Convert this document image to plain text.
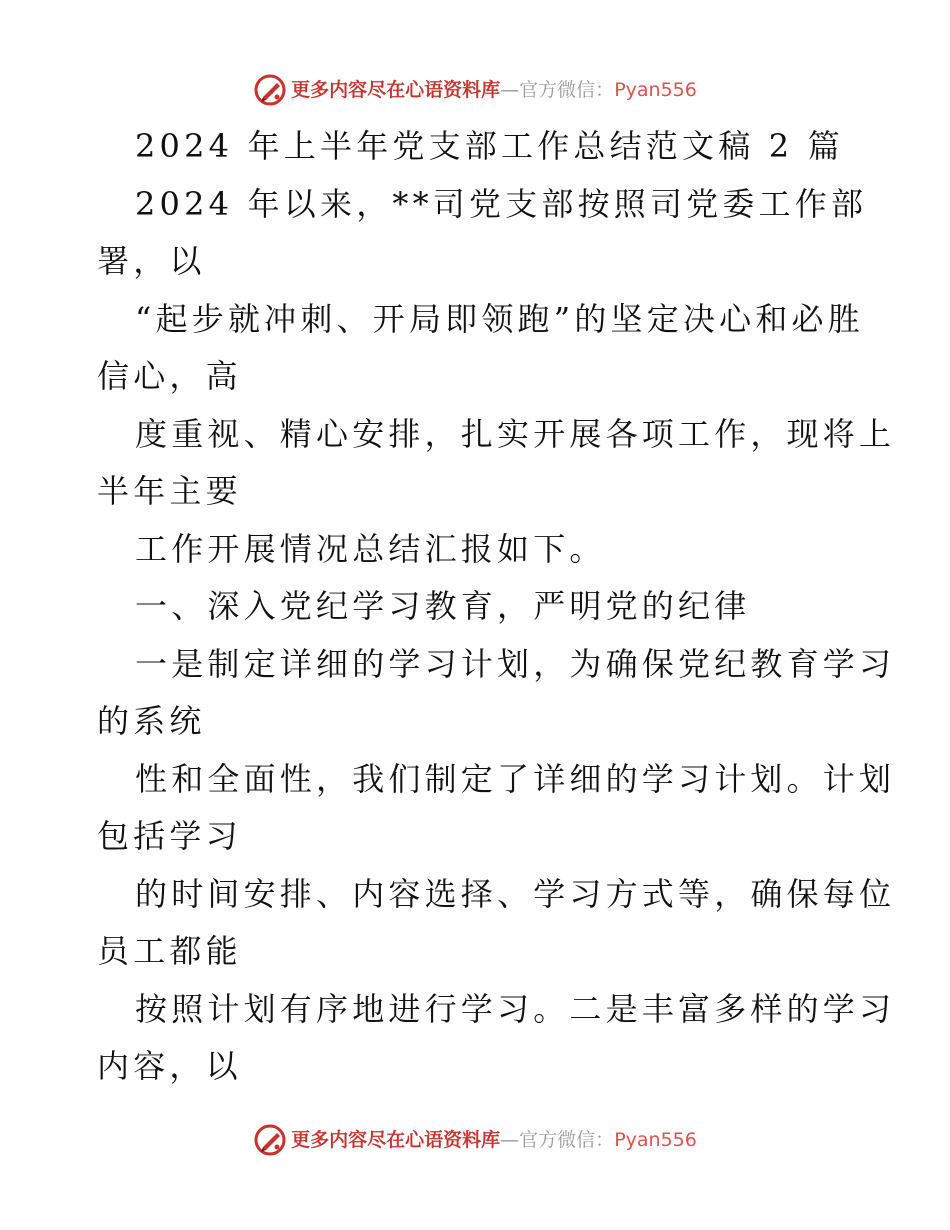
更多内容尽在心语资料库—官方微信：Pyan556
2024 年上半年党支部工作总结范文稿 2 篇
2024 年以来，**司党支部按照司党委工作部
署，以
“起步就冲刺、开局即领跑”的坚定决心和必胜
信心，高
度重视、精心安排，扎实开展各项工作，现将上
半年主要
工作开展情况总结汇报如下。
一、深入党纪学习教育，严明党的纪律
一是制定详细的学习计划，为确保党纪教育学习
的系统
性和全面性，我们制定了详细的学习计划。计划
包括学习
的时间安排、内容选择、学习方式等，确保每位
员工都能
按照计划有序地进行学习。二是丰富多样的学习
内容，以
更多内容尽在心语资料库—官方微信：Pyan556
